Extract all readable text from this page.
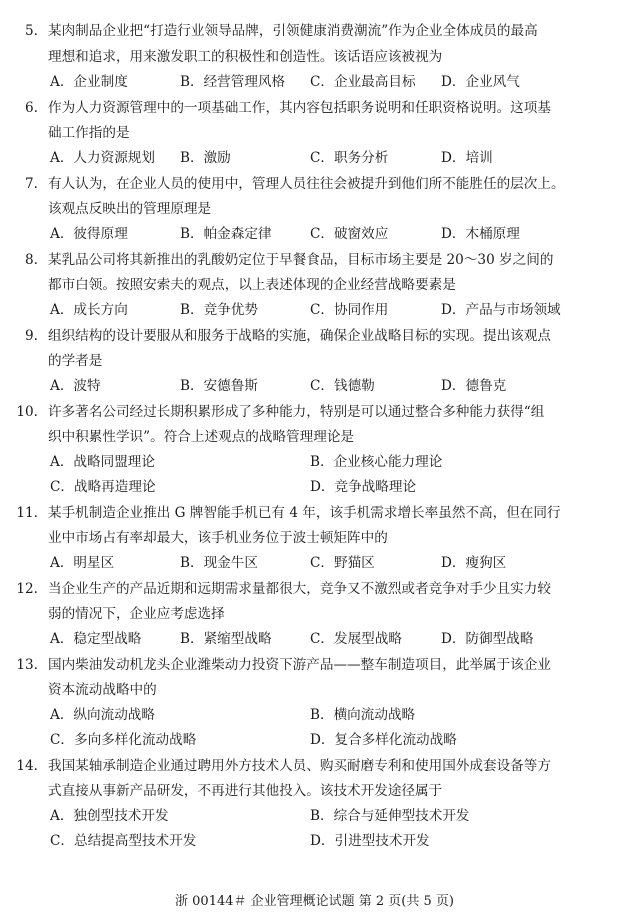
5. 某肉制品企业把“打造行业领导品牌，引领健康消费潮流”作为企业全体成员的最高
理想和追求，用来激发职工的积极性和创造性。该话语应该被视为
A．企业制度	B．经营管理风格 C．企业最高目标 D．企业风气
6. 作为人力资源管理中的一项基础工作，其内容包括职务说明和任职资格说明。这项基
础工作指的是
A．人力资源规划 B．激励	C．职务分析	D．培训
7. 有人认为，在企业人员的使用中，管理人员往往会被提升到他们所不能胜任的层次上。
该观点反映出的管理原理是
A．彼得原理	B．帕金森定律	C．破窗效应	D．木桶原理
8. 某乳品公司将其新推出的乳酸奶定位于早餐食品，目标市场主要是 20～30 岁之间的
都市白领。按照安索夫的观点，以上表述体现的企业经营战略要素是
A．成长方向	B．竞争优势	C．协同作用	D．产品与市场领域
9. 组织结构的设计要服从和服务于战略的实施，确保企业战略目标的实现。提出该观点
的学者是
A．波特	B．安德鲁斯	C．钱德勒	D．德鲁克
10. 许多著名公司经过长期积累形成了多种能力，特别是可以通过整合多种能力获得“组
织中积累性学识”。符合上述观点的战略管理理论是
A．战略同盟理论	B．企业核心能力理论
C．战略再造理论	D．竞争战略理论
11. 某手机制造企业推出 G 牌智能手机已有 4 年，该手机需求增长率虽然不高，但在同行
业中市场占有率却最大，该手机业务位于波士顿矩阵中的
A．明星区	B．现金牛区	C．野猫区	D．瘦狗区
12. 当企业生产的产品近期和远期需求量都很大，竞争又不激烈或者竞争对手少且实力较
弱的情况下，企业应考虑选择
A．稳定型战略	B．紧缩型战略	C．发展型战略	D．防御型战略
13. 国内柴油发动机龙头企业潍柴动力投资下游产品——整车制造项目，此举属于该企业
资本流动战略中的
A．纵向流动战略	B．横向流动战略
C．多向多样化流动战略	D．复合多样化流动战略
14. 我国某轴承制造企业通过聘用外方技术人员、购买耐磨专利和使用国外成套设备等方
式直接从事新产品研发，不再进行其他投入。该技术开发途径属于
A．独创型技术开发	B．综合与延伸型技术开发
C．总结提高型技术开发	D．引进型技术开发
浙 00144＃ 企业管理概论试题 第 2 页(共 5 页)
